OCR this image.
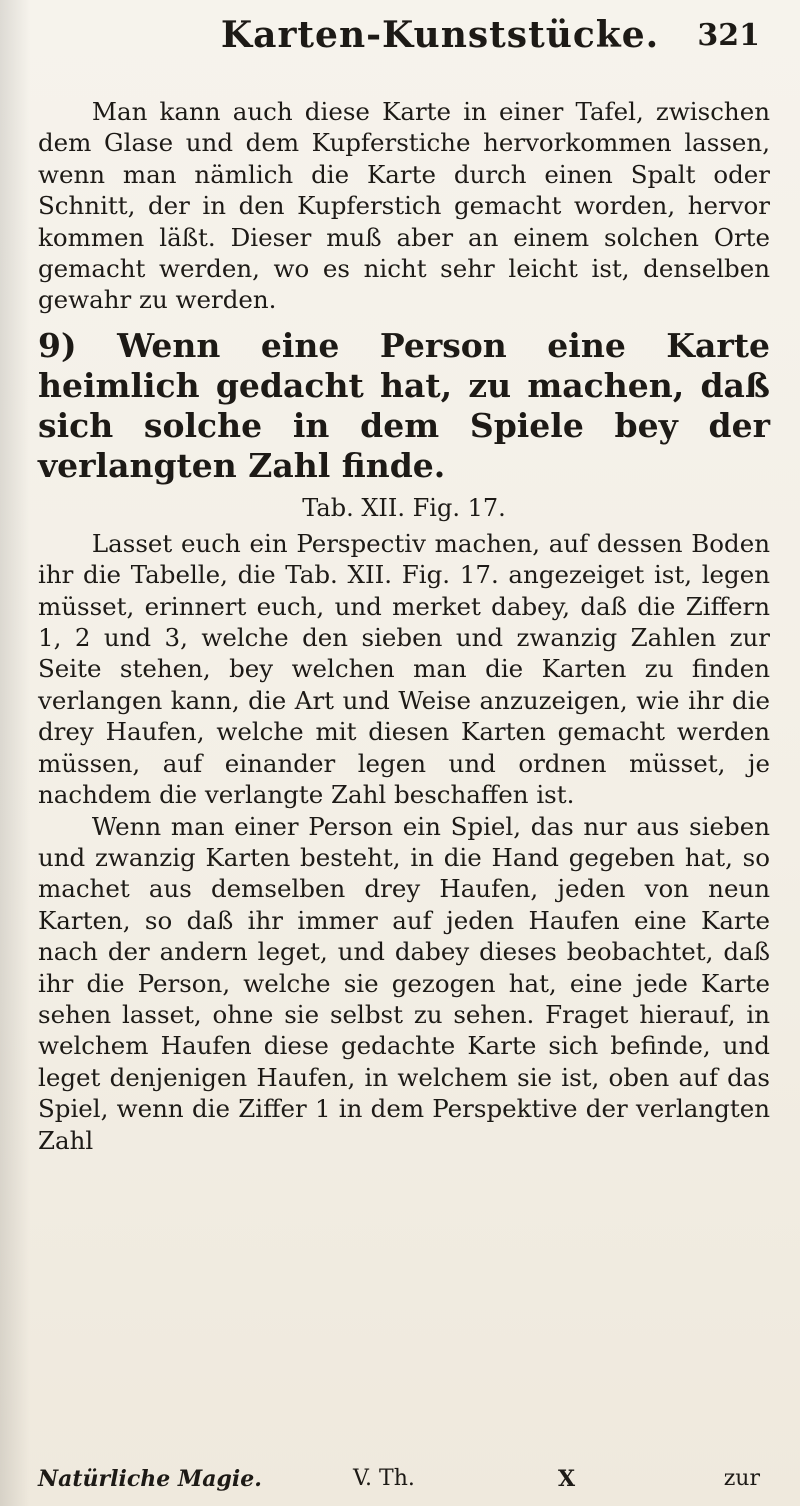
Karten-Kunststücke.	321

Man kann auch diese Karte in einer Tafel, zwischen dem Glase und dem Kupferstiche hervorkommen lassen, wenn man nämlich die Karte durch einen Spalt oder Schnitt, der in den Kupferstich gemacht worden, hervor kommen läßt. Dieser muß aber an einem solchen Orte gemacht werden, wo es nicht sehr leicht ist, denselben gewahr zu werden.

9) Wenn eine Person eine Karte heimlich gedacht hat, zu machen, daß sich solche in dem Spiele bey der verlangten Zahl finde.

Tab. XII. Fig. 17.

Lasset euch ein Perspectiv machen, auf dessen Boden ihr die Tabelle, die Tab. XII. Fig. 17. angezeiget ist, legen müsset, erinnert euch, und merket dabey, daß die Ziffern 1, 2 und 3, welche den sieben und zwanzig Zahlen zur Seite stehen, bey welchen man die Karten zu finden verlangen kann, die Art und Weise anzuzeigen, wie ihr die drey Haufen, welche mit diesen Karten gemacht werden müssen, auf einander legen und ordnen müsset, je nachdem die verlangte Zahl beschaffen ist.

Wenn man einer Person ein Spiel, das nur aus sieben und zwanzig Karten besteht, in die Hand gegeben hat, so machet aus demselben drey Haufen, jeden von neun Karten, so daß ihr immer auf jeden Haufen eine Karte nach der andern leget, und dabey dieses beobachtet, daß ihr die Person, welche sie gezogen hat, eine jede Karte sehen lasset, ohne sie selbst zu sehen. Fraget hierauf, in welchem Haufen diese gedachte Karte sich befinde, und leget denjenigen Haufen, in welchem sie ist, oben auf das Spiel, wenn die Ziffer 1 in dem Perspektive der verlangten Zahl

Natürliche Magie.	V. Th.	X	zur
